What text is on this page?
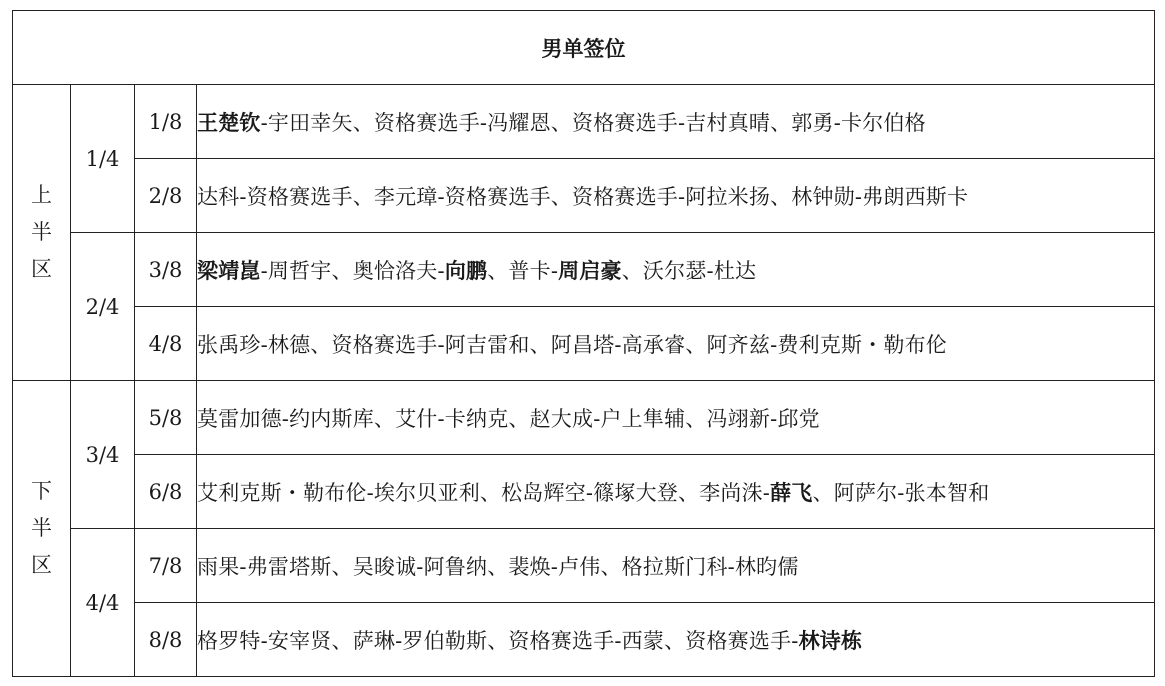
男单签位			

上
半
区	1/4	1/8	王楚钦-宇田幸矢、资格赛选手-冯耀恩、资格赛选手-吉村真晴、郭勇-卡尔伯格
		2/8	达科-资格赛选手、李元璋-资格赛选手、资格赛选手-阿拉米扬、林钟勋-弗朗西斯卡
	2/4	3/8	梁靖崑-周哲宇、奥恰洛夫-向鹏、普卡-周启豪、沃尔瑟-杜达
		4/8	张禹珍-林德、资格赛选手-阿吉雷和、阿昌塔-高承睿、阿齐兹-费利克斯・勒布伦

下
半
区	3/4	5/8	莫雷加德-约内斯库、艾什-卡纳克、赵大成-户上隼辅、冯翊新-邱党
		6/8	艾利克斯・勒布伦-埃尔贝亚利、松岛辉空-篠塚大登、李尚洙-薛飞、阿萨尔-张本智和
	4/4	7/8	雨果-弗雷塔斯、吴晙诚-阿鲁纳、裴焕-卢伟、格拉斯门科-林昀儒
		8/8	格罗特-安宰贤、萨琳-罗伯勒斯、资格赛选手-西蒙、资格赛选手-林诗栋
